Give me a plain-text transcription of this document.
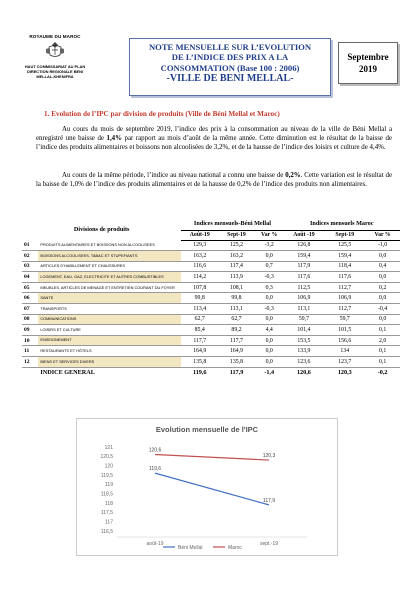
ROYAUME DU MAROC
HAUT COMMISSARIAT AU PLAN
DIRECTION REGIONALE BENI
MELLAL-KHENIFRA
NOTE MENSUELLE SUR L’EVOLUTION
DE L’INDICE DES PRIX A LA
CONSOMMATION (Base 100 : 2006)
-VILLE DE BENI MELLAL-
Septembre
2019
1. Evolution de l’IPC par division de produits (Ville de Béni Mellal et Maroc)

Au cours du mois de septembre 2019, l’indice des prix à la consommation au niveau de la ville de Béni Mellal a enregistré une baisse de 1,4% par rapport au mois d’août de la même année. Cette diminution est le résultat de la baisse de l’indice des produits alimentaires et boissons non alcoolisées de 3,2%, et de la hausse de l’indice des loisirs et culture de 4,4%.

Au cours de la même période, l’indice au niveau national a connu une baisse de 0,2%. Cette variation est le résultat de la baisse de 1,0% de l’indice des produits alimentaires et de la hausse de 0,2% de l’indice des produits non alimentaires.

Divisions de produits		Indices mensuels-Béni Mellal			Indices mensuels Maroc		
		Août-19	Sept-19	Var %	Août -19	Sept-19	Var %
01	PRODUITS ALIMENTAIRES ET BOISSONS NON ALCOOLISEES	129,3	125,2	-3,2	126,8	125,5	-1,0
02	BOISSONS ALCOOLISEES, TABAC ET STUPEFIANTS	163,2	163,2	0,0	159,4	159,4	0,0
03	ARTICLES D'HABILLEMENT ET CHAUSSURES	116,6	117,4	0,7	117,9	118,4	0,4
04	LOGEMENT, EAU, GAZ, ELECTRICITE ET AUTRES COMBUSTIBLES	114,2	113,9	-0,3	117,6	117,6	0,0
05	MEUBLES, ARTICLES DE MENAGE ET ENTRETIEN COURANT DU FOYER	107,8	108,1	0,3	112,5	112,7	0,2
06	SANTE	99,8	99,8	0,0	106,9	106,9	0,0
07	TRANSPORTS	113,4	113,1	-0,3	113,1	112,7	-0,4
08	COMMUNICATIONS	62,7	62,7	0,0	59,7	59,7	0,0
09	LOISIRS ET CULTURE	85,4	89,2	4,4	101,4	101,5	0,1
10	ENSEIGNEMENT	117,7	117,7	0,0	153,5	156,6	2,0
11	RESTAURANTS ET HÔTELS	164,9	164,9	0,0	133,9	134	0,1
12	BIENS ET SERVICES DIVERS	135,8	135,8	0,0	123,6	123,7	0,1
	INDICE GENERAL	119,6	117,9	-1,4	120,6	120,3	-0,2
Evolution mensuelle de l'IPC
116,5
117
117,5
118
118,5
119
119,5
120
120,5
121
août-19	sept.-19
119,6
117,9
120,6
120,3
Béni Mellal	Maroc
